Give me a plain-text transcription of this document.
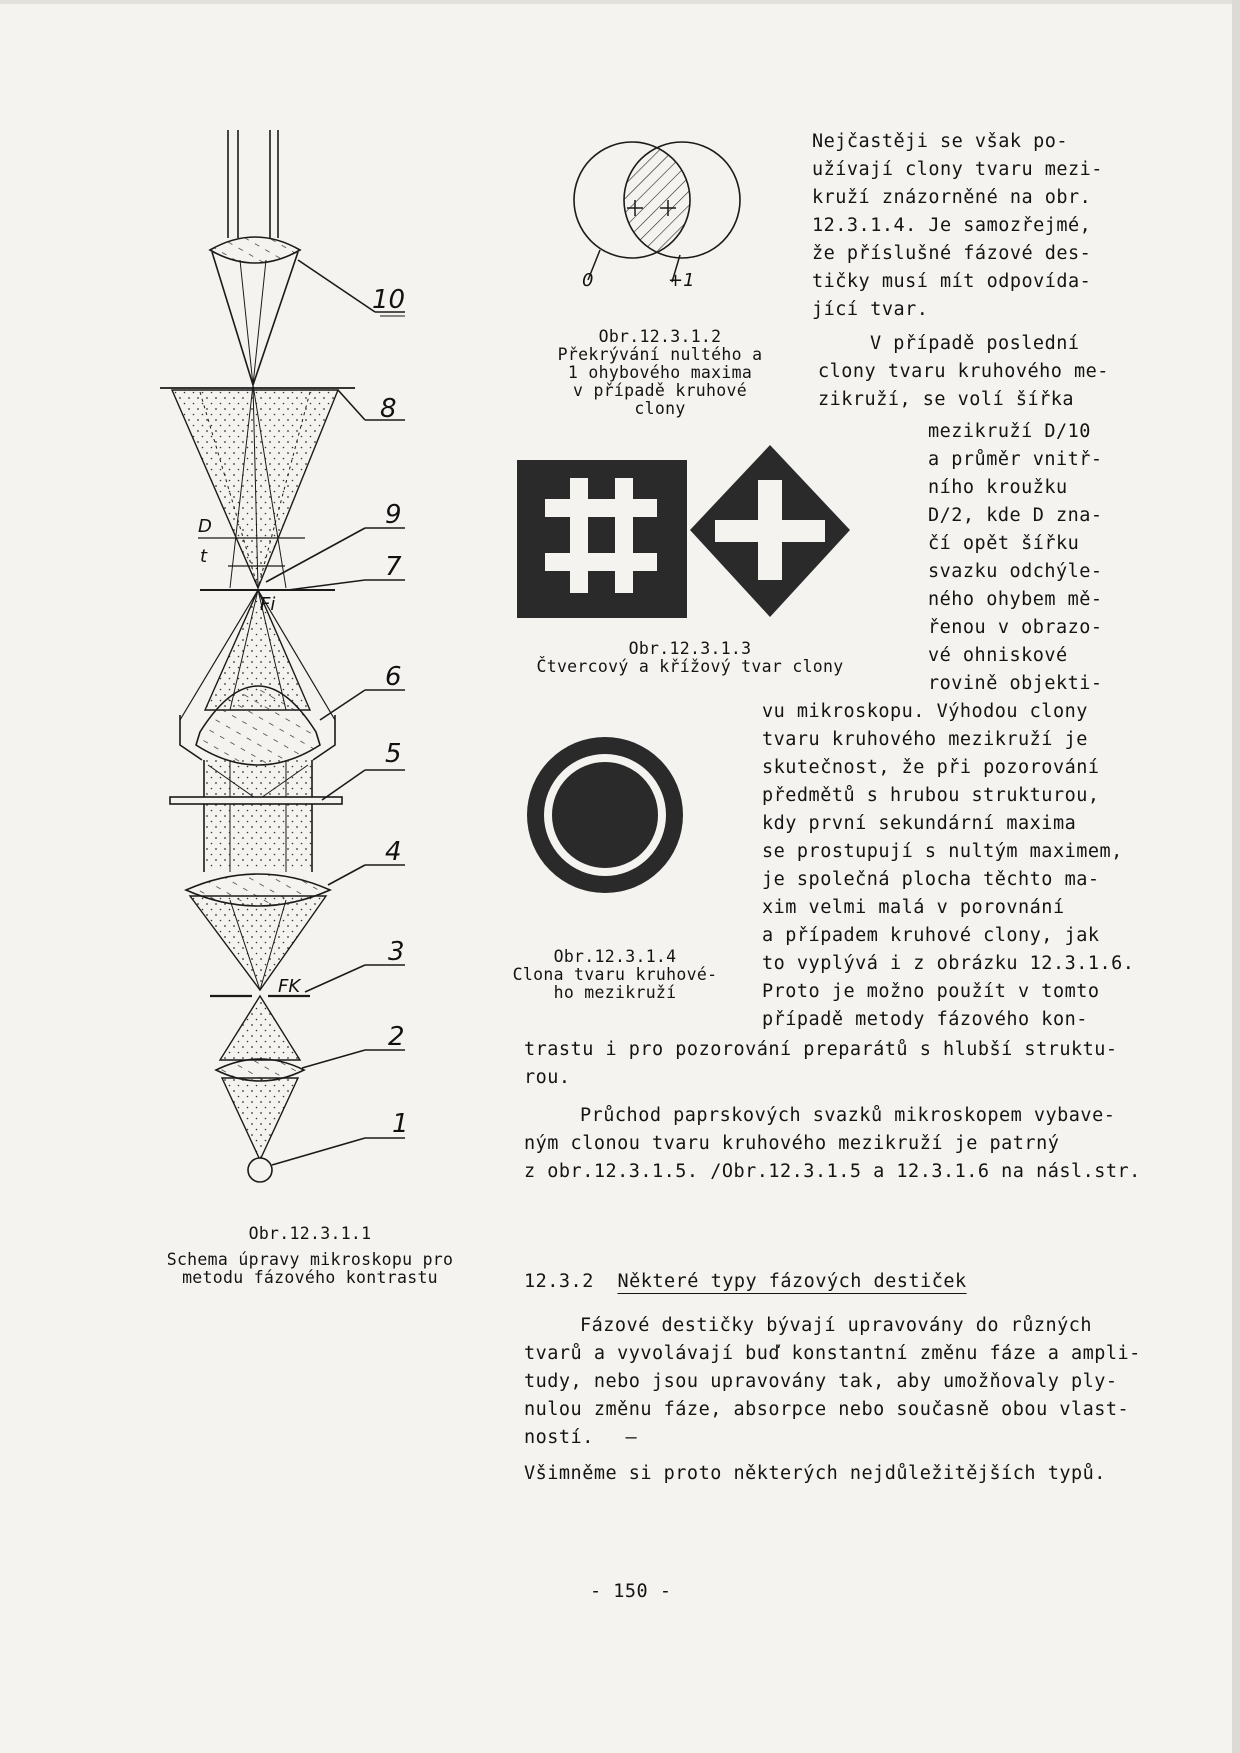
10
8
9
7
6
5
4
3
2
1
D
t
Fi
FK
Obr.12.3.1.1
Schema úpravy mikroskopu pro
metodu fázového kontrastu
0	+1
Obr.12.3.1.2
Překrývání nultého a
1 ohybového maxima
v případě kruhové
clony
Obr.12.3.1.3
Čtvercový a křížový tvar clony
Obr.12.3.1.4
Clona tvaru kruhové-
ho mezikruží
Nejčastěji se však po-
užívají clony tvaru mezi-
kruží znázorněné na obr.
12.3.1.4. Je samozřejmé,
že příslušné fázové des-
tičky musí mít odpovída-
jící tvar.
V případě poslední
clony tvaru kruhového me-
zikruží, se volí šířka
mezikruží D/10
a průměr vnitř-
ního kroužku
D/2, kde D zna-
čí opět šířku
svazku odchýle-
ného ohybem mě-
řenou v obrazo-
vé ohniskové
rovině objekti-
vu mikroskopu. Výhodou clony
tvaru kruhového mezikruží je
skutečnost, že při pozorování
předmětů s hrubou strukturou,
kdy první sekundární maxima
se prostupují s nultým maximem,
je společná plocha těchto ma-
xim velmi malá v porovnání
a případem kruhové clony, jak
to vyplývá i z obrázku 12.3.1.6.
Proto je možno použít v tomto
případě metody fázového kon-
trastu i pro pozorování preparátů s hlubší struktu-
rou.
Průchod paprskových svazků mikroskopem vybave-
ným clonou tvaru kruhového mezikruží je patrný
z obr.12.3.1.5. /Obr.12.3.1.5 a 12.3.1.6 na násl.str.
12.3.2 Některé typy fázových destiček
Fázové destičky bývají upravovány do různých
tvarů a vyvolávají buď konstantní změnu fáze a ampli-
tudy, nebo jsou upravovány tak, aby umožňovaly ply-
nulou změnu fáze, absorpce nebo současně obou vlast-
ností. —
Všimněme si proto některých nejdůležitějších typů.
- 150 -
